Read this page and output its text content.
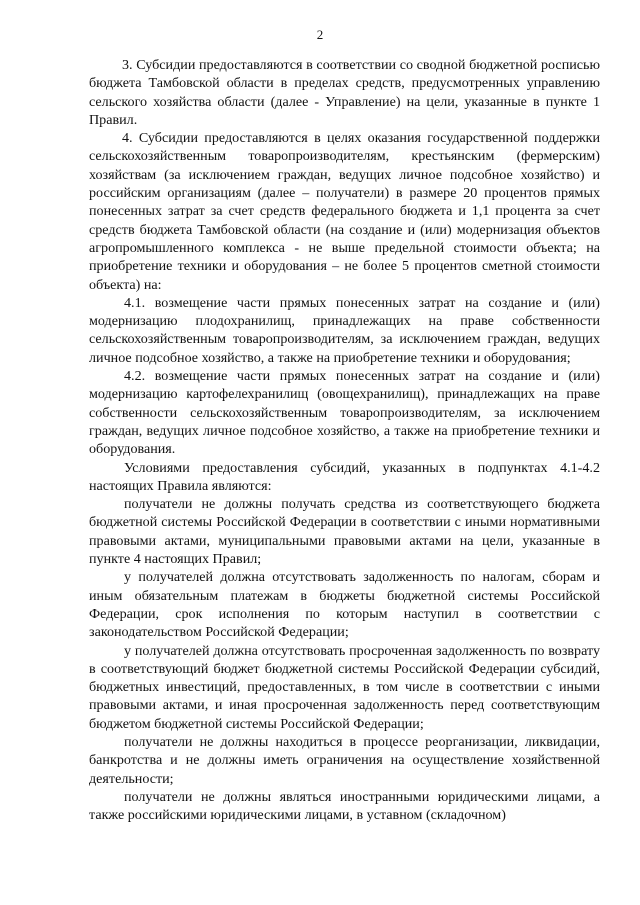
2

3. Субсидии предоставляются в соответствии со сводной бюджетной росписью бюджета Тамбовской области в пределах средств, предусмотренных управлению сельского хозяйства области (далее - Управление) на цели, указанные в пункте 1 Правил.

4. Субсидии предоставляются в целях оказания государственной поддержки сельскохозяйственным товаропроизводителям, крестьянским (фермерским) хозяйствам (за исключением граждан, ведущих личное подсобное хозяйство) и российским организациям (далее – получатели) в размере 20 процентов прямых понесенных затрат за счет средств федерального бюджета и 1,1 процента за счет средств бюджета Тамбовской области (на создание и (или) модернизация объектов агропромышленного комплекса - не выше предельной стоимости объекта; на приобретение техники и оборудования – не более 5 процентов сметной стоимости объекта) на:

4.1. возмещение части прямых понесенных затрат на создание и (или) модернизацию плодохранилищ, принадлежащих на праве собственности сельскохозяйственным товаропроизводителям, за исключением граждан, ведущих личное подсобное хозяйство, а также на приобретение техники и оборудования;

4.2. возмещение части прямых понесенных затрат на создание и (или) модернизацию картофелехранилищ (овощехранилищ), принадлежащих на праве собственности сельскохозяйственным товаропроизводителям, за исключением граждан, ведущих личное подсобное хозяйство, а также на приобретение техники и оборудования.

Условиями предоставления субсидий, указанных в подпунктах 4.1-4.2 настоящих Правила являются:

получатели не должны получать средства из соответствующего бюджета бюджетной системы Российской Федерации в соответствии с иными нормативными правовыми актами, муниципальными правовыми актами на цели, указанные в пункте 4 настоящих Правил;

у получателей должна отсутствовать задолженность по налогам, сборам и иным обязательным платежам в бюджеты бюджетной системы Российской Федерации, срок исполнения по которым наступил в соответствии с законодательством Российской Федерации;

у получателей должна отсутствовать просроченная задолженность по возврату в соответствующий бюджет бюджетной системы Российской Федерации субсидий, бюджетных инвестиций, предоставленных, в том числе в соответствии с иными правовыми актами, и иная просроченная задолженность перед соответствующим бюджетом бюджетной системы Российской Федерации;

получатели не должны находиться в процессе реорганизации, ликвидации, банкротства и не должны иметь ограничения на осуществление хозяйственной деятельности;

получатели не должны являться иностранными юридическими лицами, а также российскими юридическими лицами, в уставном (складочном)
